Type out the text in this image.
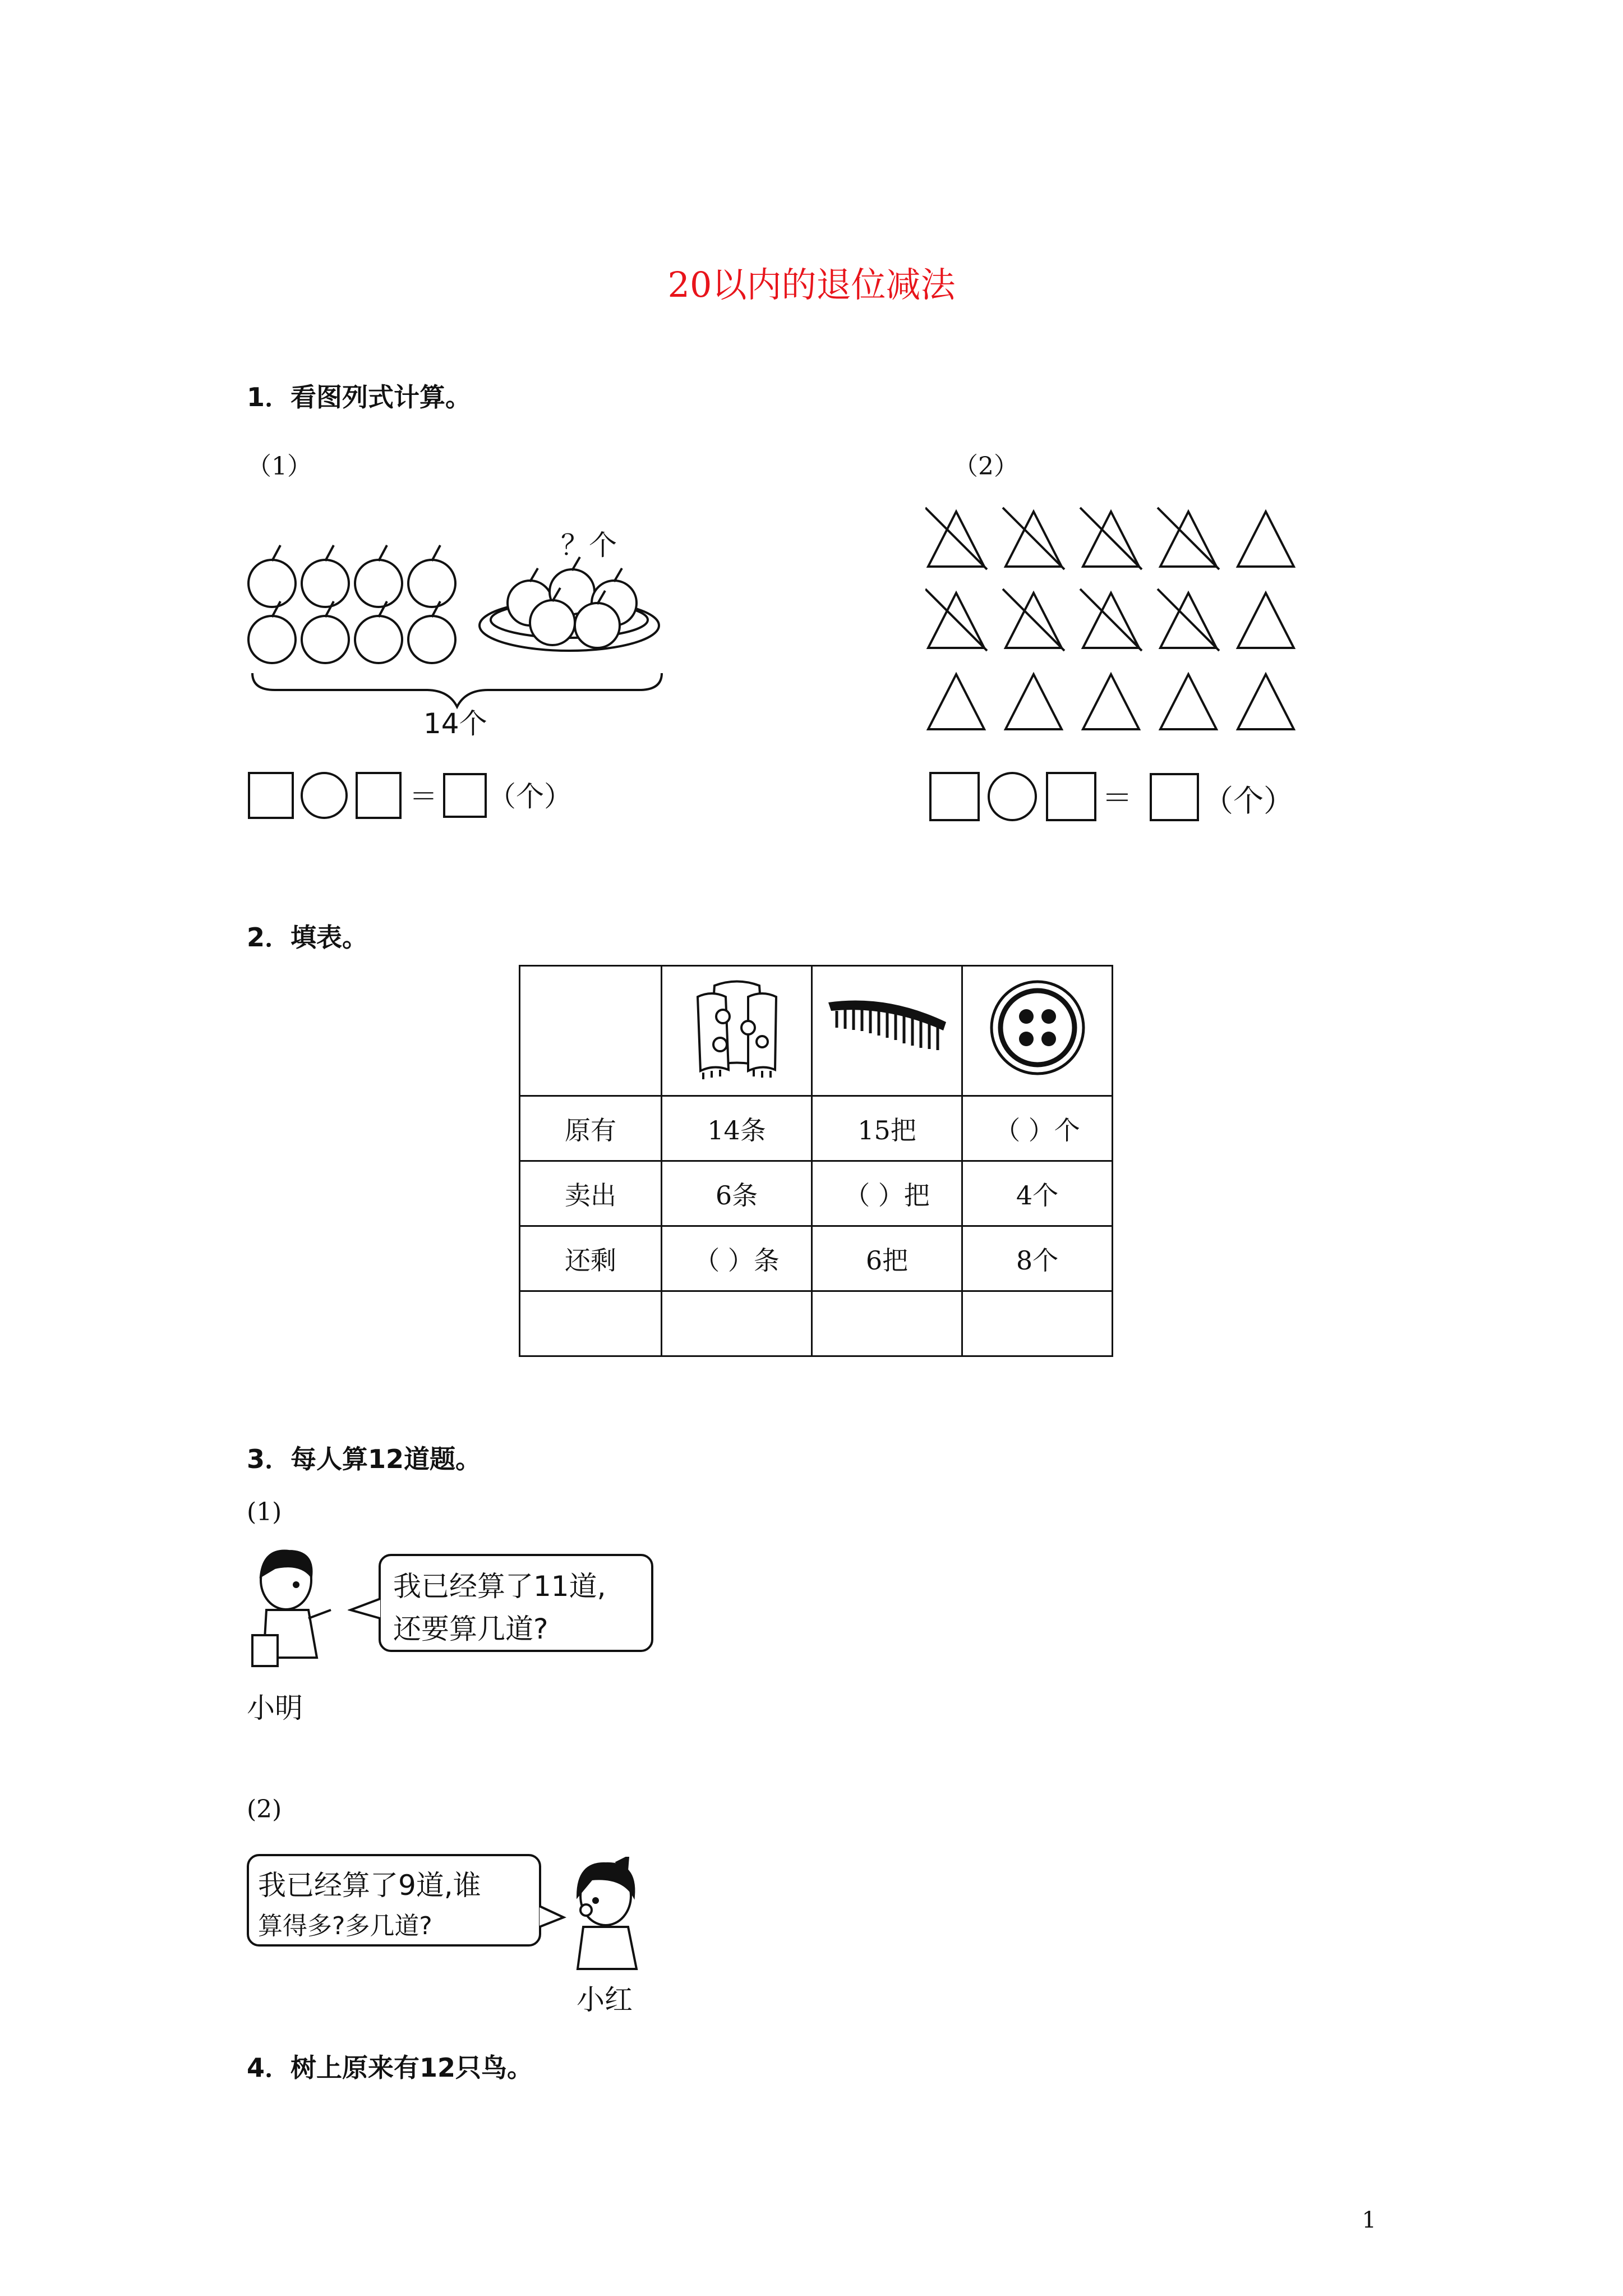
20以内的退位减法
1．看图列式计算。
（1）	（2）
？个
14个
＝ （个）	＝ （个）
2．填表。

原有	14条	15把	（ ）个
卖出	6条	（ ）把	4个
还剩	（ ）条	6把	8个

3．每人算12道题。
(1)
小明
我已经算了11道,
还要算几道?
(2)
我已经算了9道,谁
算得多?多几道?
小红
4．树上原来有12只鸟。
1
